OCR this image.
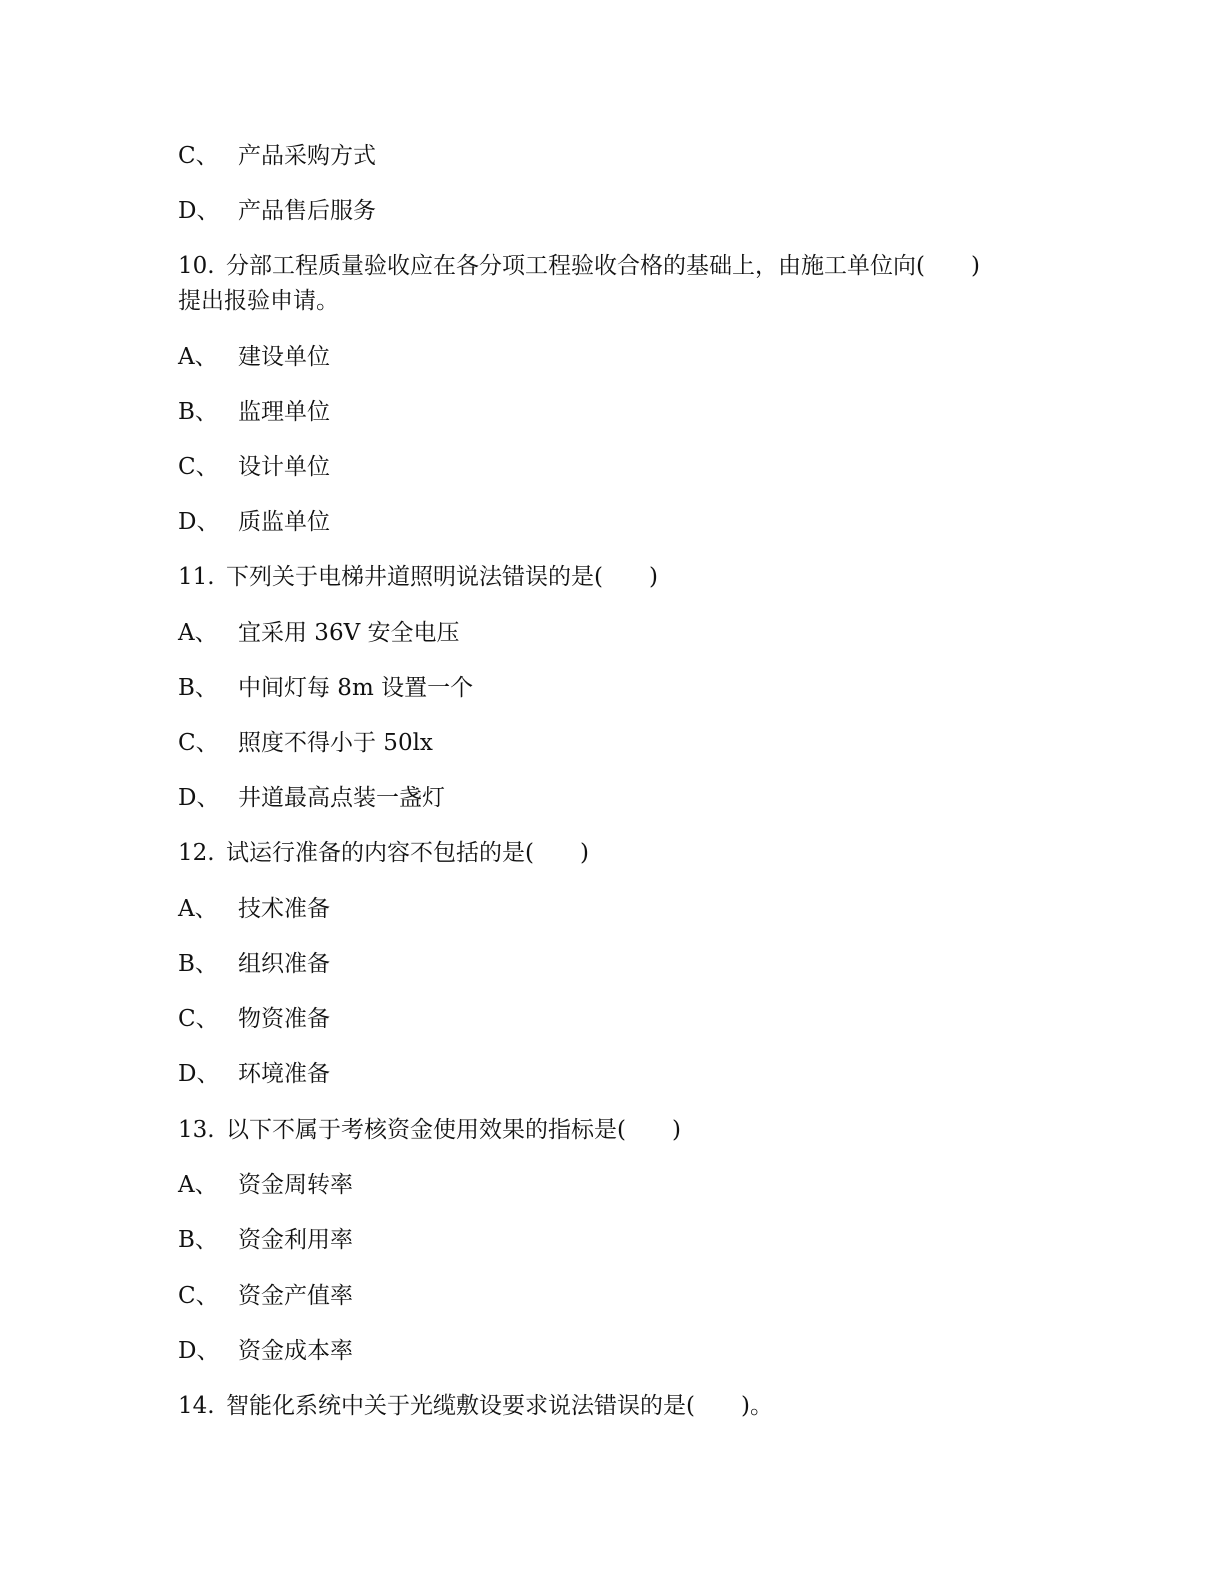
C、 产品采购方式
D、 产品售后服务
10. 分部工程质量验收应在各分项工程验收合格的基础上，由施工单位向(　　)
提出报验申请。
A、 建设单位
B、 监理单位
C、 设计单位
D、 质监单位
11. 下列关于电梯井道照明说法错误的是(　　)
A、 宜采用 36V 安全电压
B、 中间灯每 8m 设置一个
C、 照度不得小于 50lx
D、 井道最高点装一盏灯
12. 试运行准备的内容不包括的是(　　)
A、 技术准备
B、 组织准备
C、 物资准备
D、 环境准备
13. 以下不属于考核资金使用效果的指标是(　　)
A、 资金周转率
B、 资金利用率
C、 资金产值率
D、 资金成本率
14. 智能化系统中关于光缆敷设要求说法错误的是(　　)。
